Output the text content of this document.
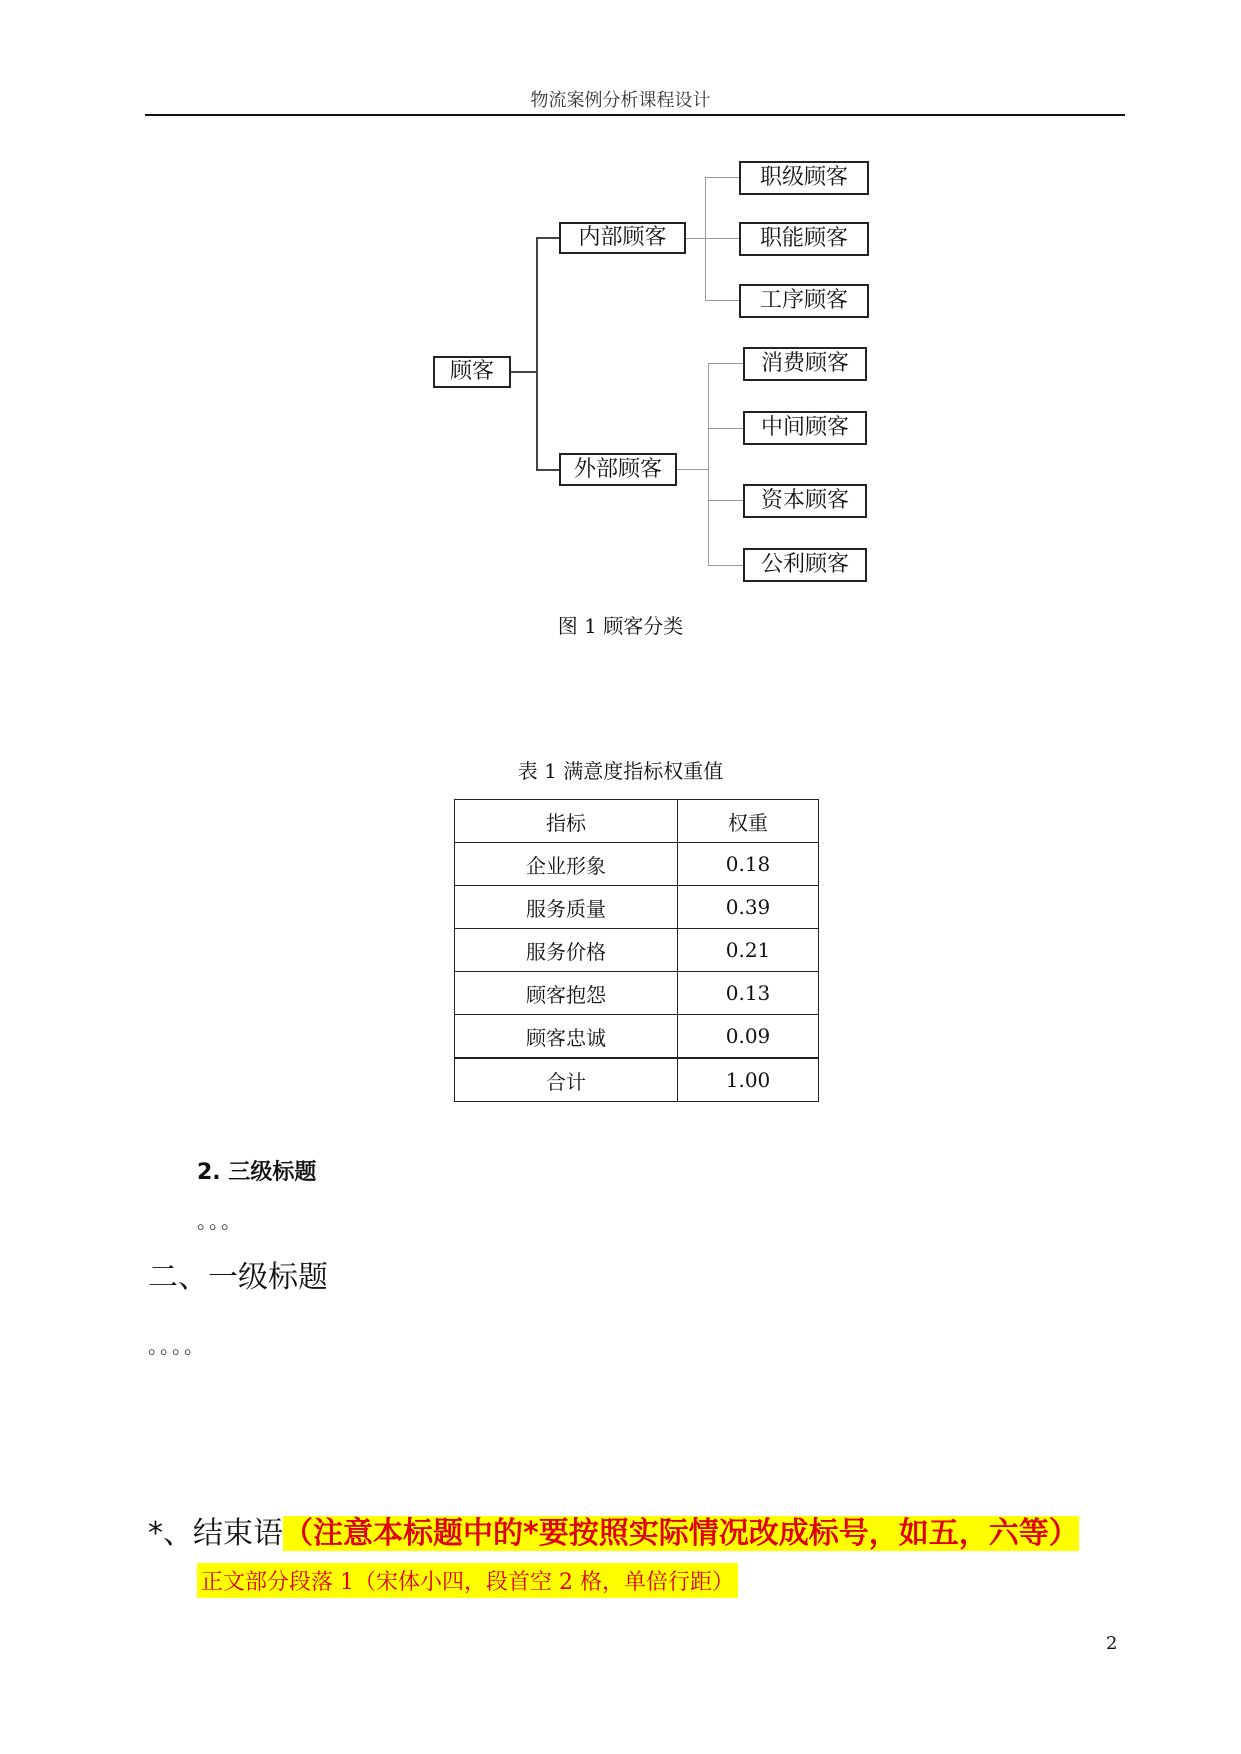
物流案例分析课程设计
顾客
内部顾客
职级顾客
职能顾客
工序顾客
外部顾客
消费顾客
中间顾客
资本顾客
公利顾客
图 1 顾客分类
表 1 满意度指标权重值
指标	权重
企业形象	0.18
服务质量	0.39
服务价格	0.21
顾客抱怨	0.13
顾客忠诚	0.09
合计	1.00
2. 三级标题
。。。
二、一级标题
。。。。
*、结束语（注意本标题中的*要按照实际情况改成标号，如五，六等）
正文部分段落 1（宋体小四，段首空 2 格，单倍行距）
2
